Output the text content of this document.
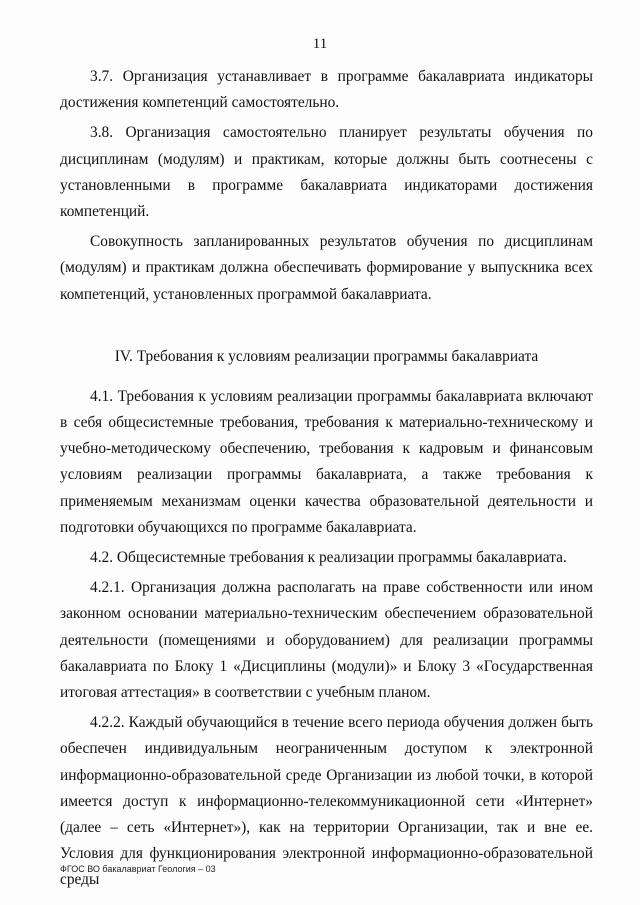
11

3.7. Организация устанавливает в программе бакалавриата индикаторы достижения компетенций самостоятельно.

3.8. Организация самостоятельно планирует результаты обучения по дисциплинам (модулям) и практикам, которые должны быть соотнесены с установленными в программе бакалавриата индикаторами достижения компетенций.

Совокупность запланированных результатов обучения по дисциплинам (модулям) и практикам должна обеспечивать формирование у выпускника всех компетенций, установленных программой бакалавриата.

IV. Требования к условиям реализации программы бакалавриата

4.1. Требования к условиям реализации программы бакалавриата включают в себя общесистемные требования, требования к материально-техническому и учебно-методическому обеспечению, требования к кадровым и финансовым условиям реализации программы бакалавриата, а также требования к применяемым механизмам оценки качества образовательной деятельности и подготовки обучающихся по программе бакалавриата.

4.2. Общесистемные требования к реализации программы бакалавриата.

4.2.1. Организация должна располагать на праве собственности или ином законном основании материально-техническим обеспечением образовательной деятельности (помещениями и оборудованием) для реализации программы бакалавриата по Блоку 1 «Дисциплины (модули)» и Блоку 3 «Государственная итоговая аттестация» в соответствии с учебным планом.

4.2.2. Каждый обучающийся в течение всего периода обучения должен быть обеспечен индивидуальным неограниченным доступом к электронной информационно-образовательной среде Организации из любой точки, в которой имеется доступ к информационно-телекоммуникационной сети «Интернет» (далее – сеть «Интернет»), как на территории Организации, так и вне ее. Условия для функционирования электронной информационно-образовательной среды

ФГОС ВО бакалавриат Геология – 03
